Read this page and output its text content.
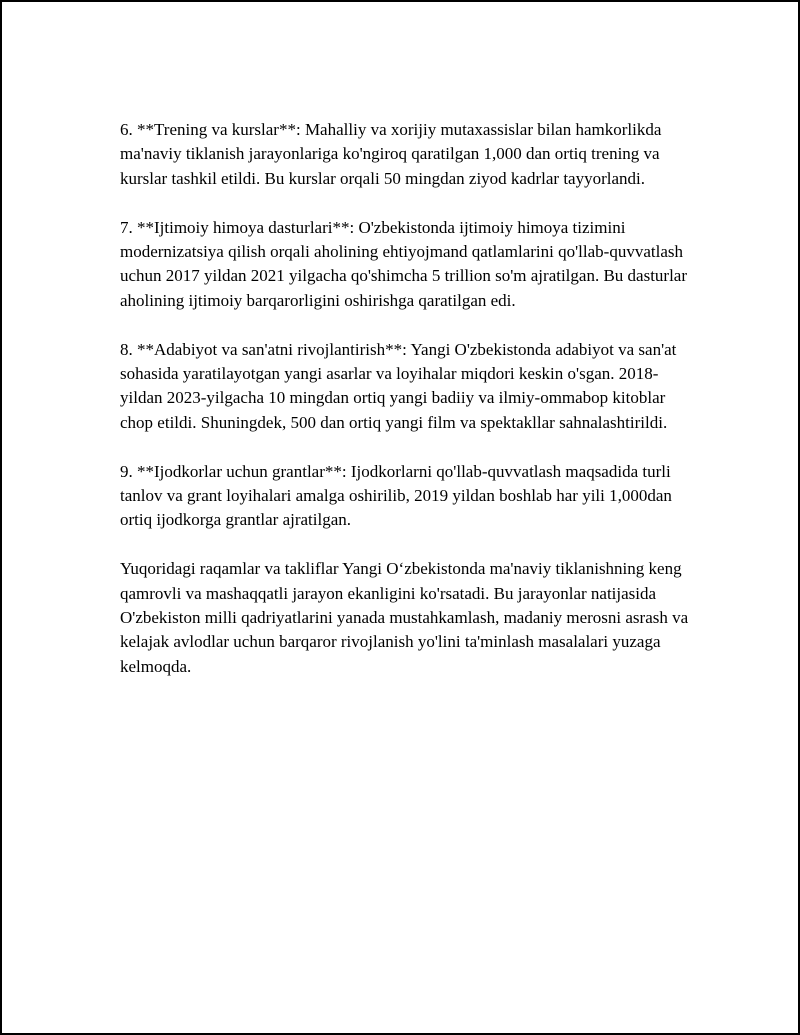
6. **Trening va kurslar**: Mahalliy va xorijiy mutaxassislar bilan hamkorlikda ma'naviy tiklanish jarayonlariga ko'ngiroq qaratilgan 1,000 dan ortiq trening va kurslar tashkil etildi. Bu kurslar orqali 50 mingdan ziyod kadrlar tayyorlandi.

7. **Ijtimoiy himoya dasturlari**: O'zbekistonda ijtimoiy himoya tizimini modernizatsiya qilish orqali aholining ehtiyojmand qatlamlarini qo'llab-quvvatlash uchun 2017 yildan 2021 yilgacha qo'shimcha 5 trillion so'm ajratilgan. Bu dasturlar aholining ijtimoiy barqarorligini oshirishga qaratilgan edi.

8. **Adabiyot va san'atni rivojlantirish**: Yangi O'zbekistonda adabiyot va san'at sohasida yaratilayotgan yangi asarlar va loyihalar miqdori keskin o'sgan. 2018-yildan 2023-yilgacha 10 mingdan ortiq yangi badiiy va ilmiy-ommabop kitoblar chop etildi. Shuningdek, 500 dan ortiq yangi film va spektakllar sahnalashtirildi.

9. **Ijodkorlar uchun grantlar**: Ijodkorlarni qo'llab-quvvatlash maqsadida turli tanlov va grant loyihalari amalga oshirilib, 2019 yildan boshlab har yili 1,000dan ortiq ijodkorga grantlar ajratilgan.

Yuqoridagi raqamlar va takliflar Yangi O‘zbekistonda ma'naviy tiklanishning keng qamrovli va mashaqqatli jarayon ekanligini ko'rsatadi. Bu jarayonlar natijasida O'zbekiston milli qadriyatlarini yanada mustahkamlash, madaniy merosni asrash va kelajak avlodlar uchun barqaror rivojlanish yo'lini ta'minlash masalalari yuzaga kelmoqda.
